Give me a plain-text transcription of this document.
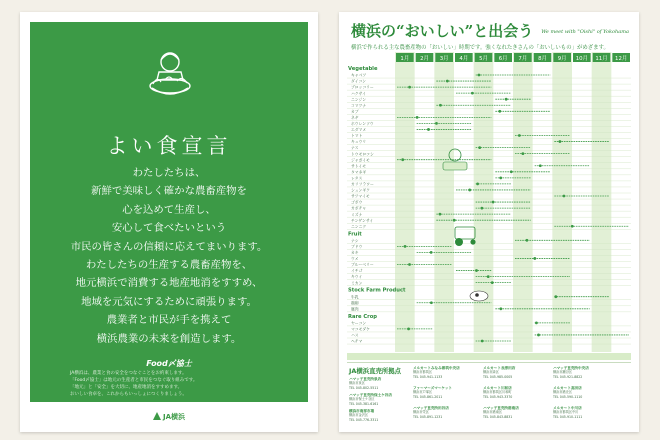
よい食宣言
わたしたちは、
新鮮で美味しく確かな農畜産物を
心を込めて生産し、
安心して食べたいという
市民の皆さんの信頼に応えてまいります。
わたしたちの生産する農畜産物を、
地元横浜で消費する地産地消をすすめ、
地域を元気にするために頑張ります。
農業者と市民が手を携えて
横浜農業の未来を創造します。
Food〆協士
JA横浜は、農業と食の安全をつなぐことをお約束します。
「Food〆協士」は地元の生産者と市民をつなぐ取り組みです。
「地元」と「安全」を大切に、地産地消をすすめます。
おいしい食卓を、これからもいっしょにつくりましょう。
JA横浜
横浜の“おいしい”と出会う We meet with "Oishi" of Yokohama
横浜で作られる主な農畜産物の「おいしい」時期です。強くなれたきさんの「おいしいもの」がめざます。
1月 2月 3月 4月 5月 6月 7月 8月 9月 10月 11月 12月
Vegetable
キャベツ
ダイコン
ブロッコリー
ハクサイ
ニンジン
コマツナ
カブ
ネギ
ホウレンソウ
エダマメ
トマト
キュウリ
ナス
トウモロコシ
ジャガイモ
サトイモ
タマネギ
レタス
カリフラワー
シュンギク
サツマイモ
ゴボウ
カボチャ
ミズナ
チンゲンサイ
ニンニク
Fruit
ナシ
ブドウ
カキ
ウメ
ブルーベリー
イチゴ
キウイ
ミカン
Stock Farm Product
牛乳
鶏卵
豚肉
Rare Crop
ヤーコン
マコモダケ
ハス
ヘチマ
JA横浜直売所拠点	メルカートみなみ都筑中央店
横浜市都筑区
TEL 045-941-1133
メルカート長津田店
横浜市緑区
TEL 045-985-0005
ハマッ子直売所中央店
横浜市瀬谷区
TEL 045-921-8822
ファーマーズマーケット
横浜市戸塚区
TEL 045-861-2011
メルカート川和店
横浜市都筑区川和町
TEL 045-943-3370
メルカート高田店
横浜市港北区
TEL 045-590-1110
ハマッ子直売所田谷店
横浜市栄区
TEL 045-891-1231
ハマッ子直売所港南店
横浜市港南区
TEL 045-843-8831
メルカート中川店
横浜市都筑区中川
TEL 045-910-1111
ハマッ子直売所泉店
横浜市泉区
TEL 045-802-5511
ハマッ子直売所保土ケ谷店
横浜市保土ケ谷区
TEL 045-381-6161
横浜市南部市場
横浜市金沢区
TEL 045-776-3311
